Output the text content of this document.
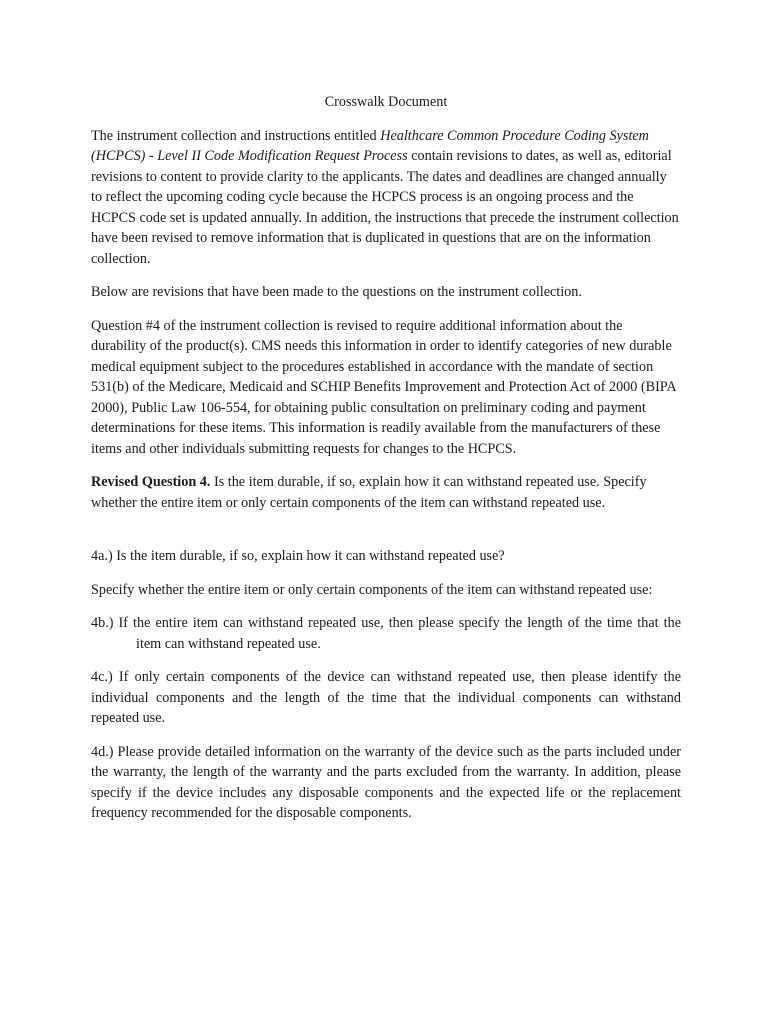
Crosswalk Document

The instrument collection and instructions entitled Healthcare Common Procedure Coding System (HCPCS) - Level II Code Modification Request Process contain revisions to dates, as well as, editorial revisions to content to provide clarity to the applicants. The dates and deadlines are changed annually to reflect the upcoming coding cycle because the HCPCS process is an ongoing process and the HCPCS code set is updated annually. In addition, the instructions that precede the instrument collection have been revised to remove information that is duplicated in questions that are on the information collection.

Below are revisions that have been made to the questions on the instrument collection.

Question #4 of the instrument collection is revised to require additional information about the durability of the product(s). CMS needs this information in order to identify categories of new durable medical equipment subject to the procedures established in accordance with the mandate of section 531(b) of the Medicare, Medicaid and SCHIP Benefits Improvement and Protection Act of 2000 (BIPA 2000), Public Law 106-554, for obtaining public consultation on preliminary coding and payment determinations for these items. This information is readily available from the manufacturers of these items and other individuals submitting requests for changes to the HCPCS.

Revised Question 4. Is the item durable, if so, explain how it can withstand repeated use. Specify whether the entire item or only certain components of the item can withstand repeated use.

4a.) Is the item durable, if so, explain how it can withstand repeated use?

Specify whether the entire item or only certain components of the item can withstand repeated use:

4b.) If the entire item can withstand repeated use, then please specify the length of the time that the item can withstand repeated use.

4c.) If only certain components of the device can withstand repeated use, then please identify the individual components and the length of the time that the individual components can withstand repeated use.

4d.) Please provide detailed information on the warranty of the device such as the parts included under the warranty, the length of the warranty and the parts excluded from the warranty. In addition, please specify if the device includes any disposable components and the expected life or the replacement frequency recommended for the disposable components.
